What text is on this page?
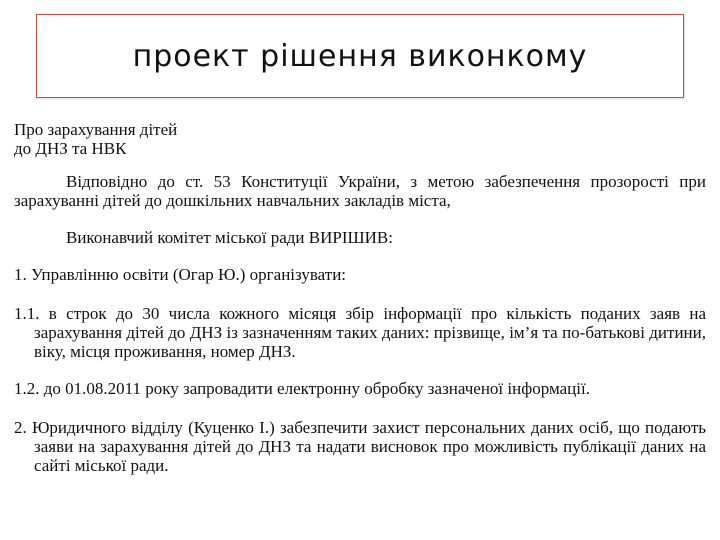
проект рішення виконкому

Про зарахування дітей

до ДНЗ та НВК

Відповідно до ст. 53 Конституції України, з метою забезпечення прозорості при зарахуванні дітей до дошкільних навчальних закладів міста,

Виконавчий комітет міської ради ВИРІШИВ:

1. Управлінню освіти (Огар Ю.) організувати:

1.1. в строк до 30 числа кожного місяця збір інформації про кількість поданих заяв на зарахування дітей до ДНЗ із зазначенням таких даних: прізвище, ім’я та по-батькові дитини, віку, місця проживання, номер ДНЗ.

1.2. до 01.08.2011 року запровадити електронну обробку зазначеної інформації.

2. Юридичного відділу (Куценко І.) забезпечити захист персональних даних осіб, що подають заяви на зарахування дітей до ДНЗ та надати висновок про можливість публікації даних на сайті міської ради.
